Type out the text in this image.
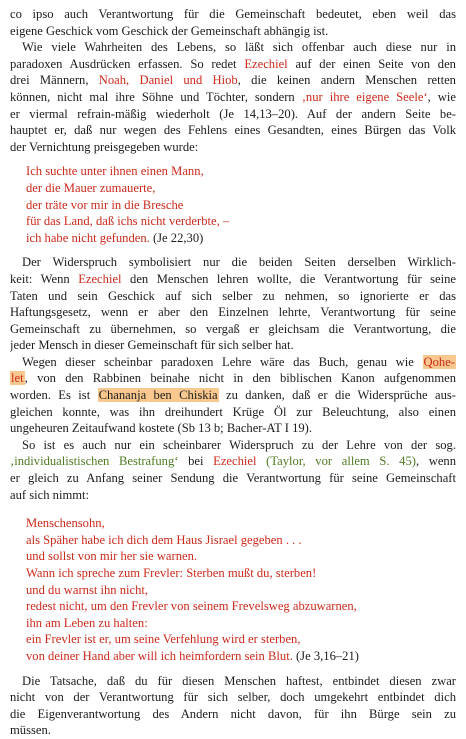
co ipso auch Verantwortung für die Gemeinschaft bedeutet, eben weil das
eigene Geschick vom Geschick der Gemeinschaft abhängig ist.
Wie viele Wahrheiten des Lebens, so läßt sich offenbar auch diese nur in
paradoxen Ausdrücken erfassen. So redet Ezechiel auf der einen Seite von den
drei Männern, Noah, Daniel und Hiob, die keinen andern Menschen retten
können, nicht mal ihre Söhne und Töchter, sondern ‚nur ihre eigene Seele‘, wie
er viermal refrain-mäßig wiederholt (Je 14,13–20). Auf der andern Seite be-
hauptet er, daß nur wegen des Fehlens eines Gesandten, eines Bürgen das Volk
der Vernichtung preisgegeben wurde:
Ich suchte unter ihnen einen Mann,
der die Mauer zumauerte,
der träte vor mir in die Bresche
für das Land, daß ichs nicht verderbte, –
ich habe nicht gefunden. (Je 22,30)
Der Widerspruch symbolisiert nur die beiden Seiten derselben Wirklich-
keit: Wenn Ezechiel den Menschen lehren wollte, die Verantwortung für seine
Taten und sein Geschick auf sich selber zu nehmen, so ignorierte er das
Haftungsgesetz, wenn er aber den Einzelnen lehrte, Verantwortung für seine
Gemeinschaft zu übernehmen, so vergaß er gleichsam die Verantwortung, die
jeder Mensch in dieser Gemeinschaft für sich selber hat.
Wegen dieser scheinbar paradoxen Lehre wäre das Buch, genau wie Qohe-
let, von den Rabbinen beinahe nicht in den biblischen Kanon aufgenommen
worden. Es ist Chananja ben Chiskia zu danken, daß er die Widersprüche aus-
gleichen konnte, was ihn dreihundert Krüge Öl zur Beleuchtung, also einen
ungeheuren Zeitaufwand kostete (Sb 13 b; Bacher-AT I 19).
So ist es auch nur ein scheinbarer Widerspruch zu der Lehre von der sog.
‚individualistischen Bestrafung‘ bei Ezechiel (Taylor, vor allem S. 45), wenn
er gleich zu Anfang seiner Sendung die Verantwortung für seine Gemeinschaft
auf sich nimmt:
Menschensohn,
als Späher habe ich dich dem Haus Jisrael gegeben . . .
und sollst von mir her sie warnen.
Wann ich spreche zum Frevler: Sterben mußt du, sterben!
und du warnst ihn nicht,
redest nicht, um den Frevler von seinem Frevelsweg abzuwarnen,
ihn am Leben zu halten:
ein Frevler ist er, um seine Verfehlung wird er sterben,
von deiner Hand aber will ich heimfordern sein Blut. (Je 3,16–21)
Die Tatsache, daß du für diesen Menschen haftest, entbindet diesen zwar
nicht von der Verantwortung für sich selber, doch umgekehrt entbindet dich
die Eigenverantwortung des Andern nicht davon, für ihn Bürge sein zu
müssen.
